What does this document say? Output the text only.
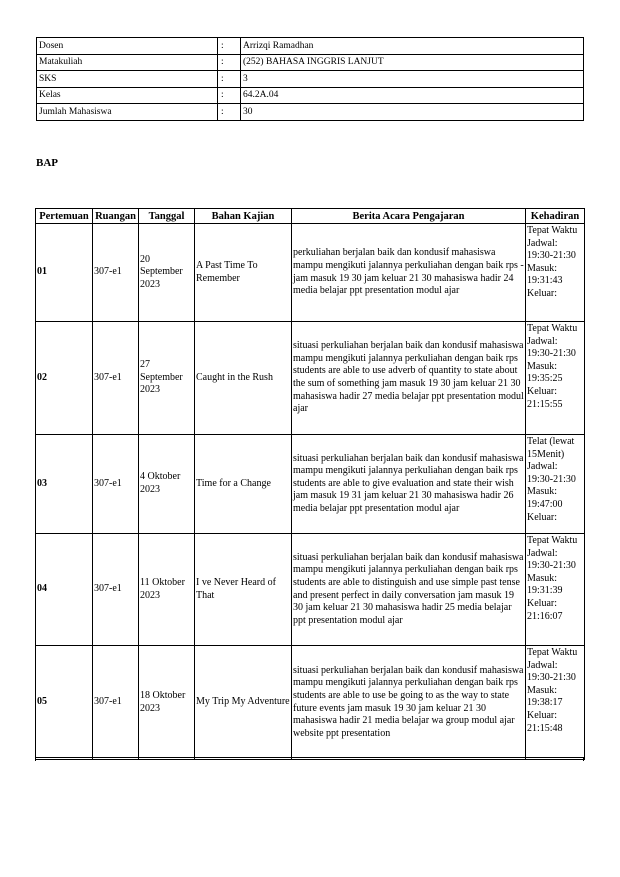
Dosen	:	Arrizqi Ramadhan
Matakuliah	:	(252) BAHASA INGGRIS LANJUT
SKS	:	3
Kelas	:	64.2A.04
Jumlah Mahasiswa	:	30
BAP
Pertemuan	Ruangan	Tanggal	Bahan Kajian	Berita Acara Pengajaran	Kehadiran
01	307-e1	20 September 2023	A Past Time To Remember	perkuliahan berjalan baik dan kondusif mahasiswa mampu mengikuti jalannya perkuliahan dengan baik rps - jam masuk 19 30 jam keluar 21 30 mahasiswa hadir 24 media belajar ppt presentation modul ajar	Tepat Waktu Jadwal: 19:30-21:30 Masuk: 19:31:43 Keluar:
02	307-e1	27 September 2023	Caught in the Rush	situasi perkuliahan berjalan baik dan kondusif mahasiswa mampu mengikuti jalannya perkuliahan dengan baik rps students are able to use adverb of quantity to state about the sum of something jam masuk 19 30 jam keluar 21 30 mahasiswa hadir 27 media belajar ppt presentation modul ajar	Tepat Waktu Jadwal: 19:30-21:30 Masuk: 19:35:25 Keluar: 21:15:55
03	307-e1	4 Oktober 2023	Time for a Change	situasi perkuliahan berjalan baik dan kondusif mahasiswa mampu mengikuti jalannya perkuliahan dengan baik rps students are able to give evaluation and state their wish jam masuk 19 31 jam keluar 21 30 mahasiswa hadir 26 media belajar ppt presentation modul ajar	Telat (lewat 15Menit) Jadwal: 19:30-21:30 Masuk: 19:47:00 Keluar:
04	307-e1	11 Oktober 2023	I ve Never Heard of That	situasi perkuliahan berjalan baik dan kondusif mahasiswa mampu mengikuti jalannya perkuliahan dengan baik rps students are able to distinguish and use simple past tense and present perfect in daily conversation jam masuk 19 30 jam keluar 21 30 mahasiswa hadir 25 media belajar ppt presentation modul ajar	Tepat Waktu Jadwal: 19:30-21:30 Masuk: 19:31:39 Keluar: 21:16:07
05	307-e1	18 Oktober 2023	My Trip My Adventure	situasi perkuliahan berjalan baik dan kondusif mahasiswa mampu mengikuti jalannya perkuliahan dengan baik rps students are able to use be going to as the way to state future events jam masuk 19 30 jam keluar 21 30 mahasiswa hadir 21 media belajar wa group modul ajar website ppt presentation	Tepat Waktu Jadwal: 19:30-21:30 Masuk: 19:38:17 Keluar: 21:15:48
